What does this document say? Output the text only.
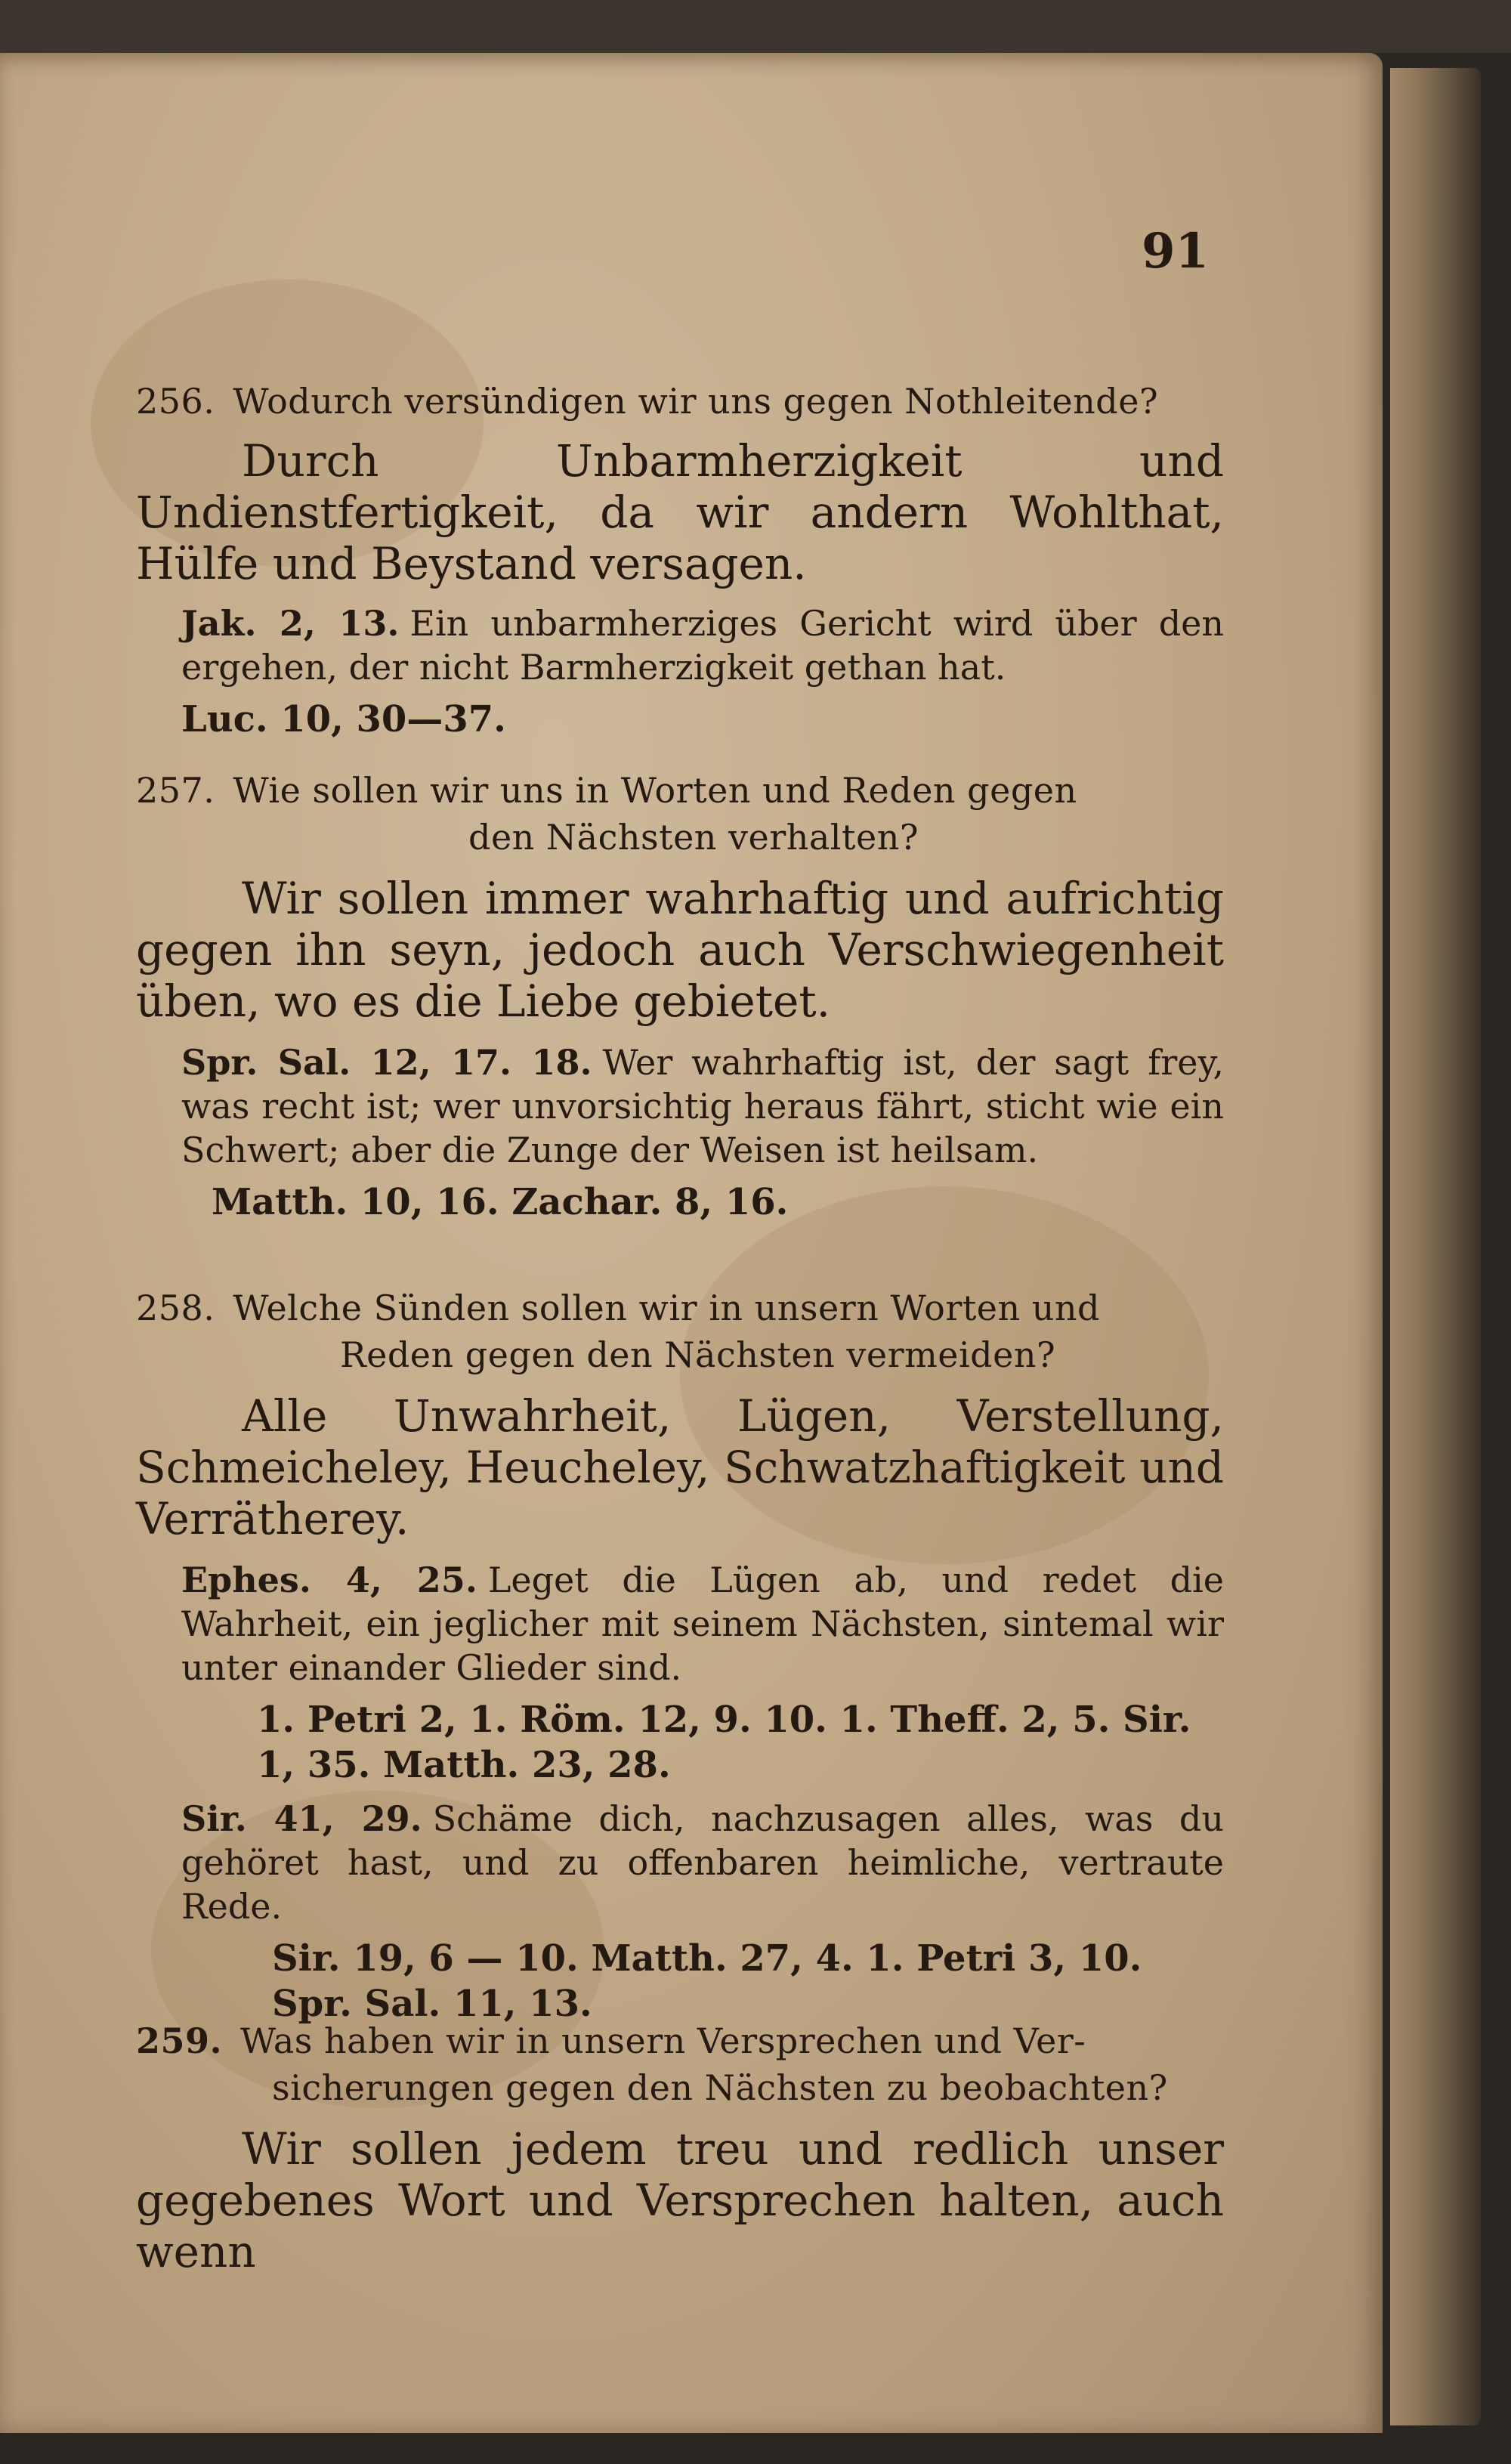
91
256. Wodurch versündigen wir uns gegen Nothleitende?
Durch Unbarmherzigkeit und Undienstfertigkeit, da wir andern Wohlthat, Hülfe und Beystand versagen.
Jak. 2, 13. Ein unbarmherziges Gericht wird über den ergehen, der nicht Barmherzigkeit gethan hat.
Luc. 10, 30—37.
257. Wie sollen wir uns in Worten und Reden gegen
den Nächsten verhalten?
Wir sollen immer wahrhaftig und aufrichtig gegen ihn seyn, jedoch auch Verschwiegenheit üben, wo es die Liebe gebietet.
Spr. Sal. 12, 17. 18. Wer wahrhaftig ist, der sagt frey, was recht ist; wer unvorsichtig heraus fährt, sticht wie ein Schwert; aber die Zunge der Weisen ist heilsam.
Matth. 10, 16. Zachar. 8, 16.
258. Welche Sünden sollen wir in unsern Worten und
Reden gegen den Nächsten vermeiden?
Alle Unwahrheit, Lügen, Verstellung, Schmeicheley, Heucheley, Schwatzhaftigkeit und Verrätherey.
Ephes. 4, 25. Leget die Lügen ab, und redet die Wahrheit, ein jeglicher mit seinem Nächsten, sintemal wir unter einander Glieder sind.
1. Petri 2, 1. Röm. 12, 9. 10. 1. Theff. 2, 5. Sir. 1, 35. Matth. 23, 28.
Sir. 41, 29. Schäme dich, nachzusagen alles, was du gehöret hast, und zu offenbaren heimliche, vertraute Rede.
Sir. 19, 6 — 10. Matth. 27, 4. 1. Petri 3, 10. Spr. Sal. 11, 13.
259. Was haben wir in unsern Versprechen und Ver-
sicherungen gegen den Nächsten zu beobachten?
Wir sollen jedem treu und redlich unser gegebenes Wort und Versprechen halten, auch wenn
